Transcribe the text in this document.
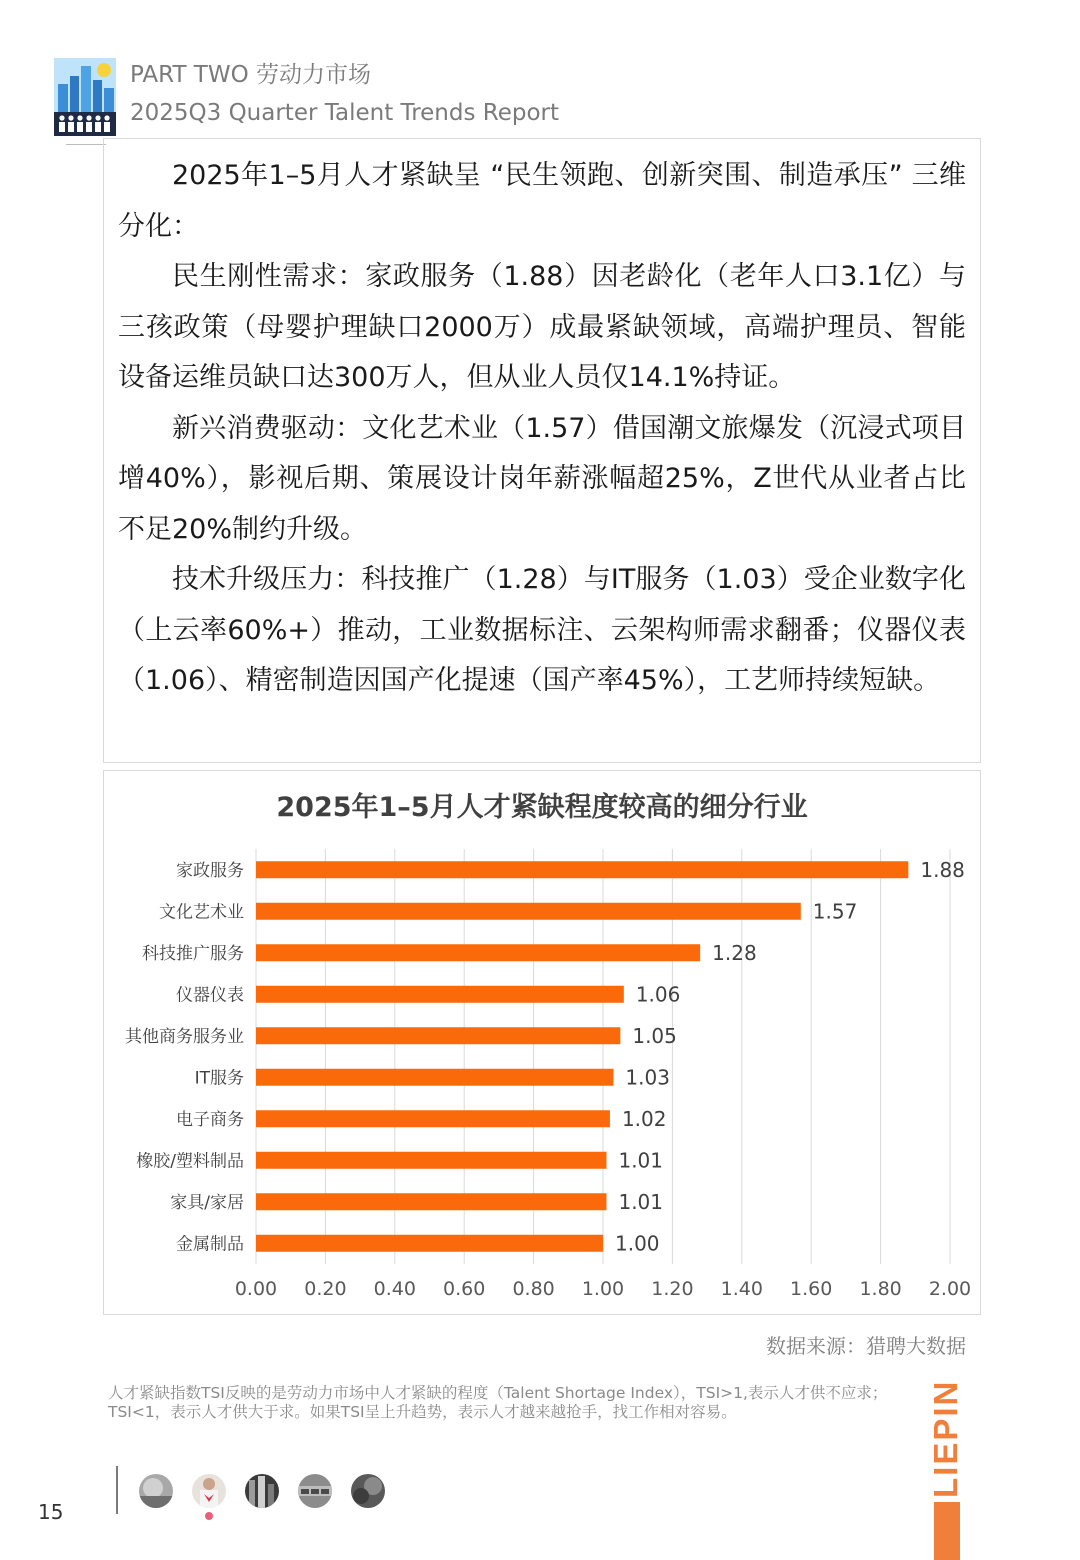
PART TWO 劳动力市场
2025Q3 Quarter Talent Trends Report

2025年1–5月人才紧缺呈 “民生领跑、创新突围、制造承压” 三维分化：

民生刚性需求：家政服务（1.88）因老龄化（老年人口3.1亿）与三孩政策（母婴护理缺口2000万）成最紧缺领域，高端护理员、智能设备运维员缺口达300万人，但从业人员仅14.1%持证。

新兴消费驱动：文化艺术业（1.57）借国潮文旅爆发（沉浸式项目增40%），影视后期、策展设计岗年薪涨幅超25%，Z世代从业者占比不足20%制约升级。

技术升级压力：科技推广（1.28）与IT服务（1.03）受企业数字化（上云率60%+）推动，工业数据标注、云架构师需求翻番；仪器仪表（1.06）、精密制造因国产化提速（国产率45%），工艺师持续短缺。

2025年1–5月人才紧缺程度较高的细分行业
0.00 0.20 0.40 0.60 0.80 1.00 1.20 1.40 1.60 1.80 2.00
家政服务	1.88
文化艺术业	1.57
科技推广服务	1.28
仪器仪表	1.06
其他商务服务业	1.05
IT服务	1.03
电子商务	1.02
橡胶/塑料制品	1.01
家具/家居	1.01
金属制品	1.00
数据来源：猎聘大数据
人才紧缺指数TSI反映的是劳动力市场中人才紧缺的程度（Talent Shortage Index），TSI>1,表示人才供不应求；TSI<1，表示人才供大于求。如果TSI呈上升趋势，表示人才越来越抢手，找工作相对容易。	LIEPIN
15
